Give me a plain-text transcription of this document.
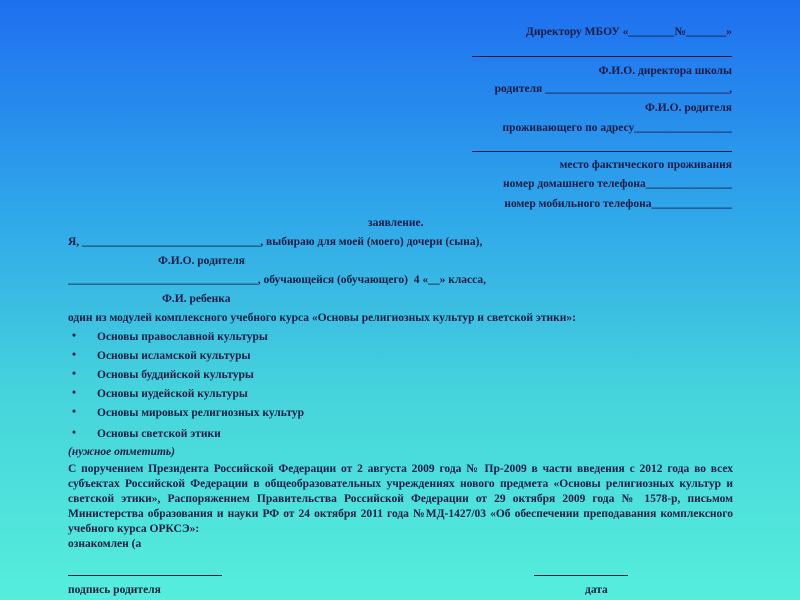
Директору МБОУ «________№_______»
Ф.И.О. директора школы
родителя ________________________________,
Ф.И.О. родителя
проживающего по адресу_________________
место фактического проживания
номер домашнего телефона_______________
номер мобильного телефона______________
заявление.
Я, _______________________________, выбираю для моей (моего) дочери (сына),
Ф.И.О. родителя
_________________________________, обучающейся (обучающего)  4 «__» класса,
Ф.И. ребенка
один из модулей комплексного учебного курса «Основы религиозных культур и светской этики»:
• Основы православной культуры
• Основы исламской культуры
• Основы буддийской культуры
• Основы иудейской культуры
• Основы мировых религиозных культур
• Основы светской этики
(нужное отметить)
С поручением Президента Российской Федерации от 2 августа 2009 года № Пр-2009 в части введения с 2012 года во всех субъектах Российской Федерации в общеобразовательных учреждениях нового предмета «Основы религиозных культур и светской этики», Распоряжением Правительства Российской Федерации от 29 октября 2009 года № 1578-р, письмом Министерства образования и науки РФ от 24 октября 2011 года №МД-1427/03 «Об обеспечении преподавания комплексного учебного курса ОРКСЭ»:
ознакомлен (а
подпись родителя	дата
